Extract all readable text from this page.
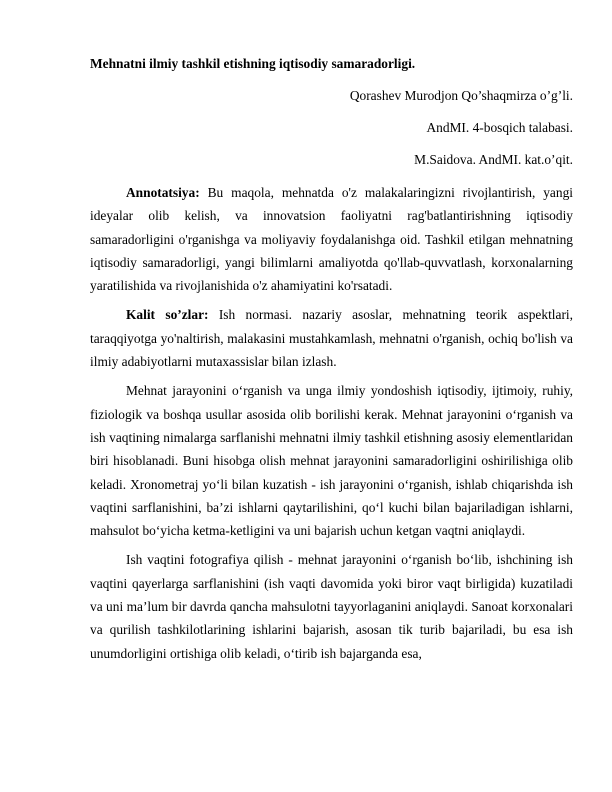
Mehnatni ilmiy tashkil etishning iqtisodiy samaradorligi.
Qorashev Murodjon Qo’shaqmirza o’g’li.
AndMI. 4-bosqich talabasi.
M.Saidova. AndMI. kat.o’qit.

Annotatsiya: Bu maqola, mehnatda o'z malakalaringizni rivojlantirish, yangi ideyalar olib kelish, va innovatsion faoliyatni rag'batlantirishning iqtisodiy samaradorligini o'rganishga va moliyaviy foydalanishga oid. Tashkil etilgan mehnatning iqtisodiy samaradorligi, yangi bilimlarni amaliyotda qo'llab-quvvatlash, korxonalarning yaratilishida va rivojlanishida o'z ahamiyatini ko'rsatadi.

Kalit so’zlar: Ish normasi. nazariy asoslar, mehnatning teorik aspektlari, taraqqiyotga yo'naltirish, malakasini mustahkamlash, mehnatni o'rganish, ochiq bo'lish va ilmiy adabiyotlarni mutaxassislar bilan izlash.

Mehnat jarayonini o‘rganish va unga ilmiy yondoshish iqtisodiy, ijtimoiy, ruhiy, fiziologik va boshqa usullar asosida olib borilishi kerak. Mehnat jarayonini o‘rganish va ish vaqtining nimalarga sarflanishi mehnatni ilmiy tashkil etishning asosiy elementlaridan biri hisoblanadi. Buni hisobga olish mehnat jarayonini samaradorligini oshirilishiga olib keladi. Xronometraj yo‘li bilan kuzatish - ish jarayonini o‘rganish, ishlab chiqarishda ish vaqtini sarflanishini, ba’zi ishlarni qaytarilishini, qo‘l kuchi bilan bajariladigan ishlarni, mahsulot bo‘yicha ketma-ketligini va uni bajarish uchun ketgan vaqtni aniqlaydi.

Ish vaqtini fotografiya qilish - mehnat jarayonini o‘rganish bo‘lib, ishchining ish vaqtini qayerlarga sarflanishini (ish vaqti davomida yoki biror vaqt birligida) kuzatiladi va uni ma’lum bir davrda qancha mahsulotni tayyorlaganini aniqlaydi. Sanoat korxonalari va qurilish tashkilotlarining ishlarini bajarish, asosan tik turib bajariladi, bu esa ish unumdorligini ortishiga olib keladi, o‘tirib ish bajarganda esa,
